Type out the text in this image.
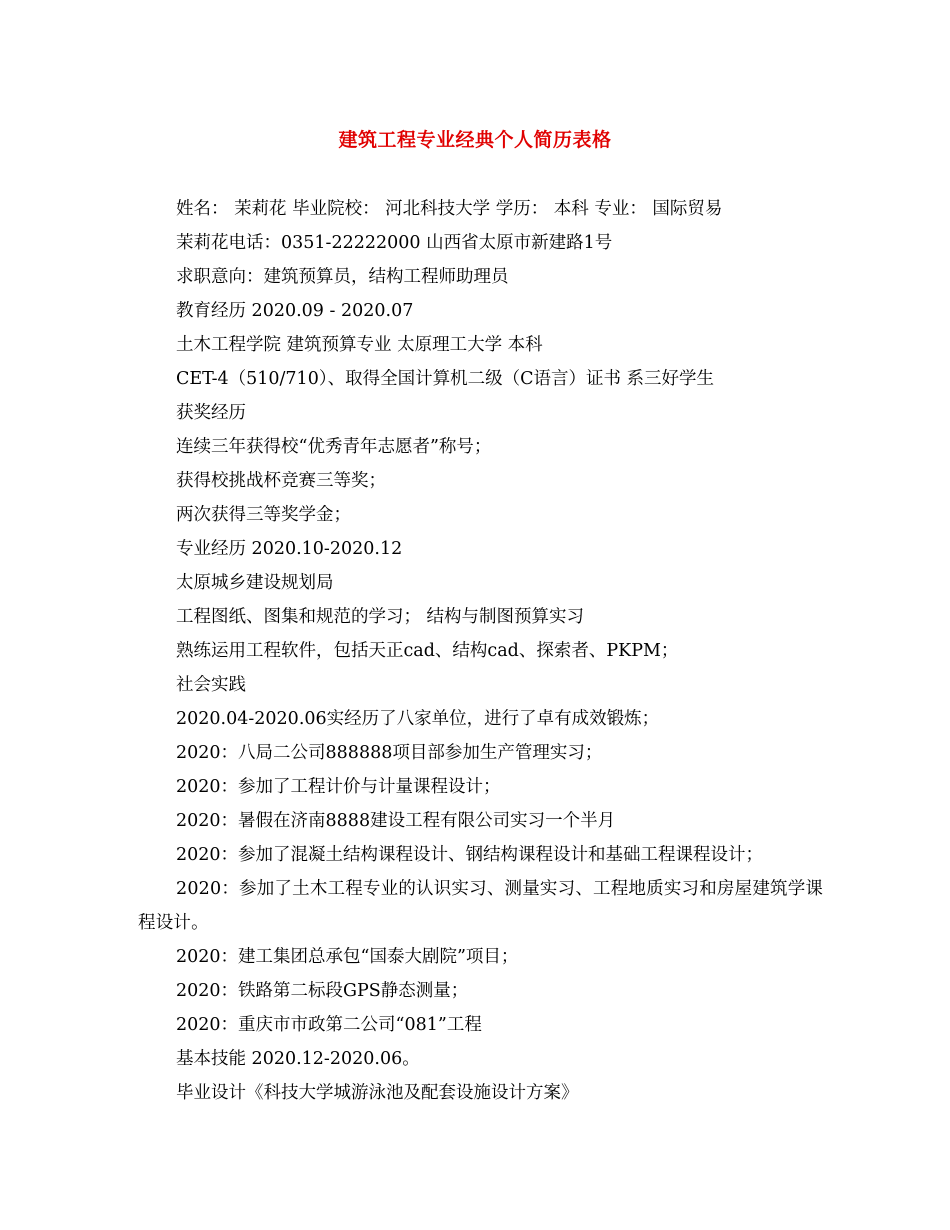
建筑工程专业经典个人简历表格

姓名： 茉莉花 毕业院校： 河北科技大学 学历： 本科 专业： 国际贸易

茉莉花电话：0351-22222000 山西省太原市新建路1号

求职意向：建筑预算员，结构工程师助理员

教育经历 2020.09 - 2020.07

土木工程学院 建筑预算专业 太原理工大学 本科

CET-4（510/710）、取得全国计算机二级（C语言）证书 系三好学生

获奖经历

连续三年获得校“优秀青年志愿者”称号；

获得校挑战杯竞赛三等奖；

两次获得三等奖学金；

专业经历 2020.10-2020.12

太原城乡建设规划局

工程图纸、图集和规范的学习； 结构与制图预算实习

熟练运用工程软件，包括天正cad、结构cad、探索者、PKPM；

社会实践

2020.04-2020.06实经历了八家单位，进行了卓有成效锻炼；

2020：八局二公司888888项目部参加生产管理实习；

2020：参加了工程计价与计量课程设计；

2020：暑假在济南8888建设工程有限公司实习一个半月

2020：参加了混凝土结构课程设计、钢结构课程设计和基础工程课程设计；

2020：参加了土木工程专业的认识实习、测量实习、工程地质实习和房屋建筑学课程设计。

2020：建工集团总承包“国泰大剧院”项目；

2020：铁路第二标段GPS静态测量；

2020：重庆市市政第二公司“081”工程

基本技能 2020.12-2020.06。

毕业设计《科技大学城游泳池及配套设施设计方案》
